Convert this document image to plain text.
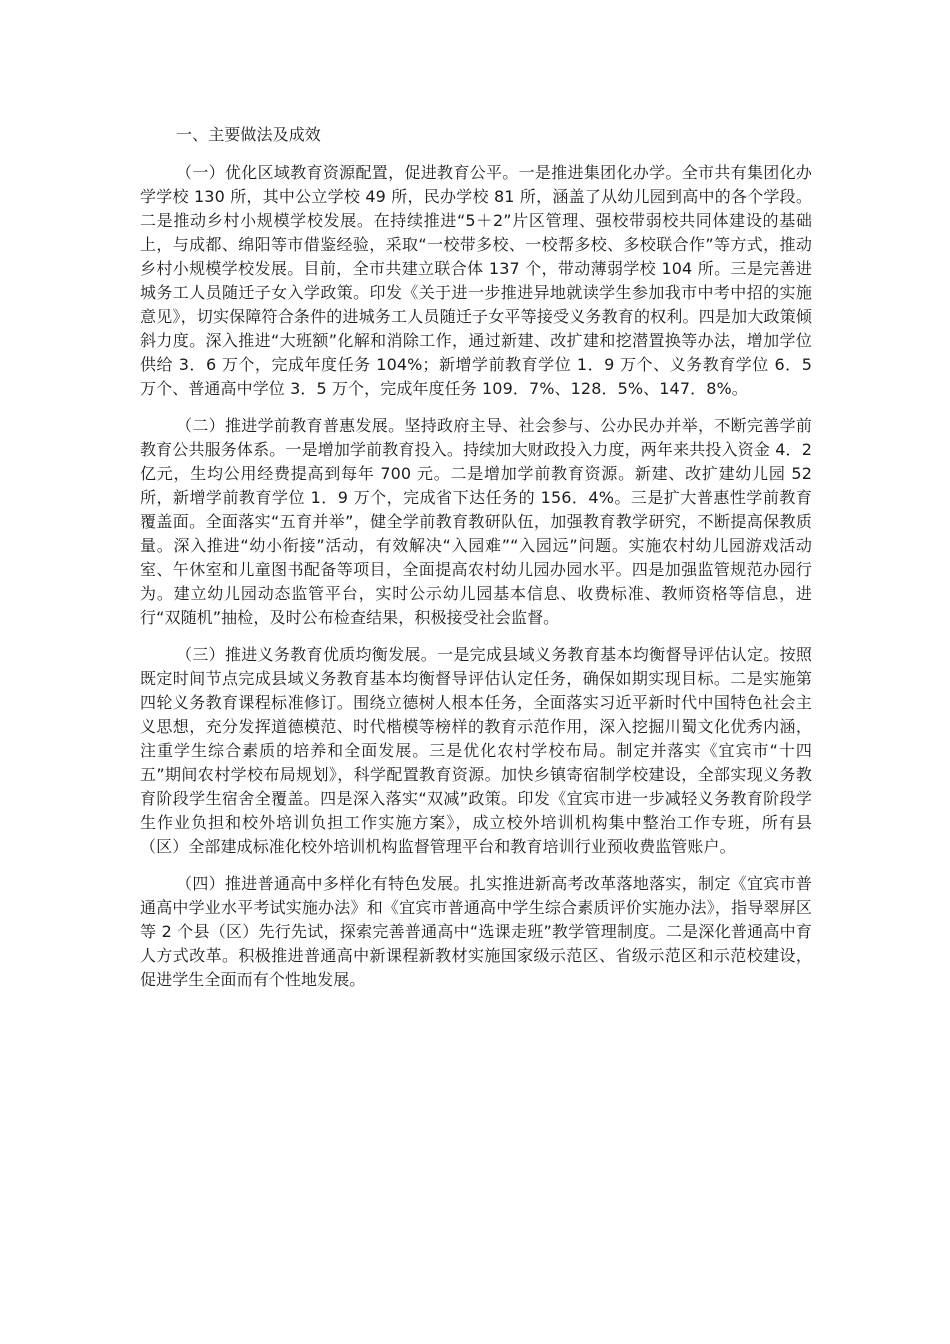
一、主要做法及成效

（一）优化区域教育资源配置，促进教育公平。一是推进集团化办学。全市共有集团化办学学校 130 所，其中公立学校 49 所，民办学校 81 所，涵盖了从幼儿园到高中的各个学段。二是推动乡村小规模学校发展。在持续推进“5＋2”片区管理、强校带弱校共同体建设的基础上，与成都、绵阳等市借鉴经验，采取“一校带多校、一校帮多校、多校联合作”等方式，推动乡村小规模学校发展。目前，全市共建立联合体 137 个，带动薄弱学校 104 所。三是完善进城务工人员随迁子女入学政策。印发《关于进一步推进异地就读学生参加我市中考中招的实施意见》，切实保障符合条件的进城务工人员随迁子女平等接受义务教育的权利。四是加大政策倾斜力度。深入推进“大班额”化解和消除工作，通过新建、改扩建和挖潜置换等办法，增加学位供给 3．6 万个，完成年度任务 104%；新增学前教育学位 1．9 万个、义务教育学位 6．5 万个、普通高中学位 3．5 万个，完成年度任务 109．7%、128．5%、147．8%。

（二）推进学前教育普惠发展。坚持政府主导、社会参与、公办民办并举，不断完善学前教育公共服务体系。一是增加学前教育投入。持续加大财政投入力度，两年来共投入资金 4．2 亿元，生均公用经费提高到每年 700 元。二是增加学前教育资源。新建、改扩建幼儿园 52 所，新增学前教育学位 1．9 万个，完成省下达任务的 156．4%。三是扩大普惠性学前教育覆盖面。全面落实“五育并举”，健全学前教育教研队伍，加强教育教学研究，不断提高保教质量。深入推进“幼小衔接”活动，有效解决“入园难”“入园远”问题。实施农村幼儿园游戏活动室、午休室和儿童图书配备等项目，全面提高农村幼儿园办园水平。四是加强监管规范办园行为。建立幼儿园动态监管平台，实时公示幼儿园基本信息、收费标准、教师资格等信息，进行“双随机”抽检，及时公布检查结果，积极接受社会监督。

（三）推进义务教育优质均衡发展。一是完成县域义务教育基本均衡督导评估认定。按照既定时间节点完成县域义务教育基本均衡督导评估认定任务，确保如期实现目标。二是实施第四轮义务教育课程标准修订。围绕立德树人根本任务，全面落实习近平新时代中国特色社会主义思想，充分发挥道德模范、时代楷模等榜样的教育示范作用，深入挖掘川蜀文化优秀内涵，注重学生综合素质的培养和全面发展。三是优化农村学校布局。制定并落实《宜宾市“十四五”期间农村学校布局规划》，科学配置教育资源。加快乡镇寄宿制学校建设，全部实现义务教育阶段学生宿舍全覆盖。四是深入落实“双减”政策。印发《宜宾市进一步减轻义务教育阶段学生作业负担和校外培训负担工作实施方案》，成立校外培训机构集中整治工作专班，所有县（区）全部建成标准化校外培训机构监督管理平台和教育培训行业预收费监管账户。

（四）推进普通高中多样化有特色发展。扎实推进新高考改革落地落实，制定《宜宾市普通高中学业水平考试实施办法》和《宜宾市普通高中学生综合素质评价实施办法》，指导翠屏区等 2 个县（区）先行先试，探索完善普通高中“选课走班”教学管理制度。二是深化普通高中育人方式改革。积极推进普通高中新课程新教材实施国家级示范区、省级示范区和示范校建设，促进学生全面而有个性地发展。
